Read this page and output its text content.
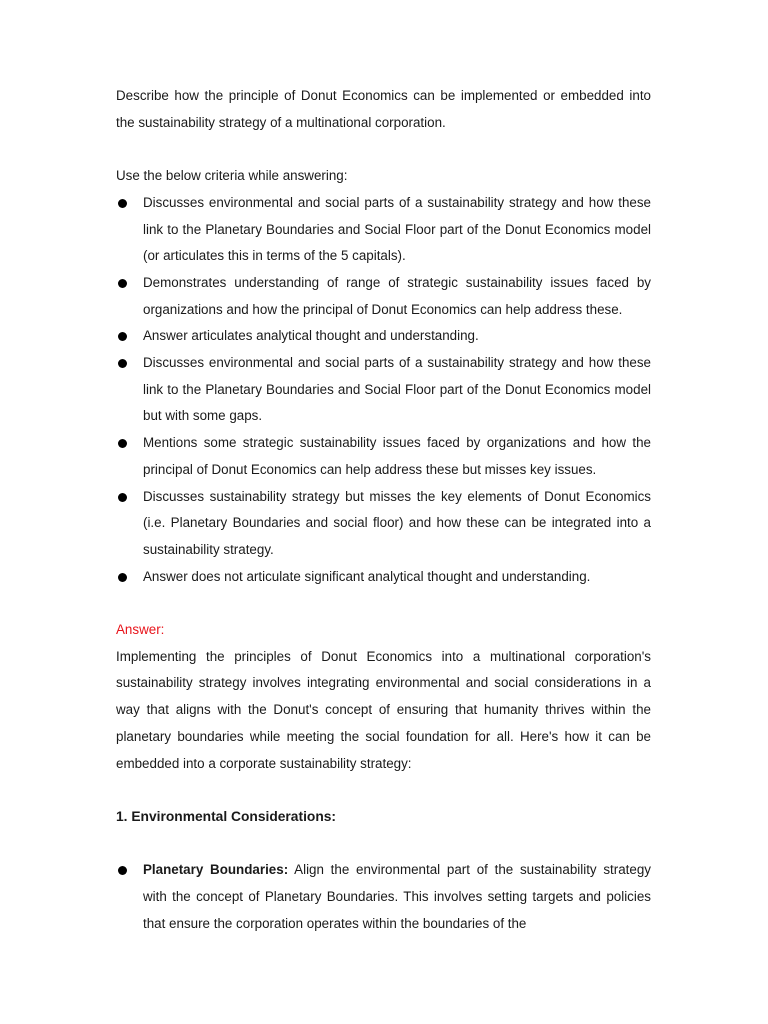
Describe how the principle of Donut Economics can be implemented or embedded into the sustainability strategy of a multinational corporation.

Use the below criteria while answering:

Discusses environmental and social parts of a sustainability strategy and how these link to the Planetary Boundaries and Social Floor part of the Donut Economics model (or articulates this in terms of the 5 capitals).
Demonstrates understanding of range of strategic sustainability issues faced by organizations and how the principal of Donut Economics can help address these.
Answer articulates analytical thought and understanding.
Discusses environmental and social parts of a sustainability strategy and how these link to the Planetary Boundaries and Social Floor part of the Donut Economics model but with some gaps.
Mentions some strategic sustainability issues faced by organizations and how the principal of Donut Economics can help address these but misses key issues.
Discusses sustainability strategy but misses the key elements of Donut Economics (i.e. Planetary Boundaries and social floor) and how these can be integrated into a sustainability strategy.
Answer does not articulate significant analytical thought and understanding.

Answer:

Implementing the principles of Donut Economics into a multinational corporation's sustainability strategy involves integrating environmental and social considerations in a way that aligns with the Donut's concept of ensuring that humanity thrives within the planetary boundaries while meeting the social foundation for all. Here's how it can be embedded into a corporate sustainability strategy:

1. Environmental Considerations:

Planetary Boundaries: Align the environmental part of the sustainability strategy with the concept of Planetary Boundaries. This involves setting targets and policies that ensure the corporation operates within the boundaries of the
